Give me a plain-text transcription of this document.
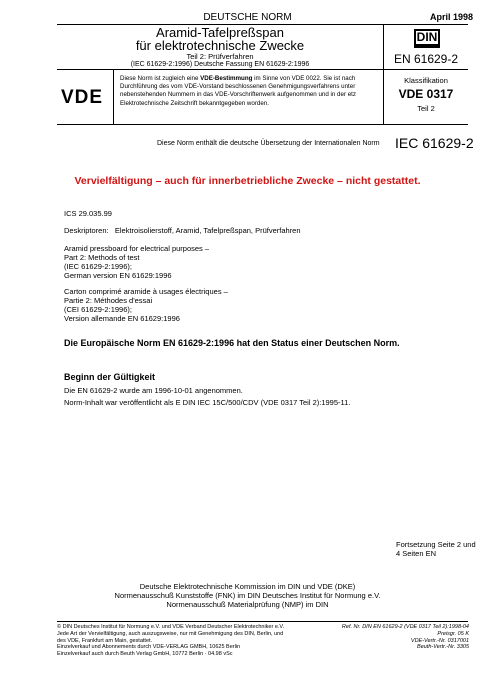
DEUTSCHE NORM	April 1998
Aramid-Tafelpreßspan
für elektrotechnische Zwecke
Teil 2: Prüfverfahren
(IEC 61629-2:1996) Deutsche Fassung EN 61629-2:1996
DIN
EN 61629-2
VDE
Diese Norm ist zugleich eine VDE-Bestimmung im Sinne von VDE 0022. Sie ist nach Durchführung des vom VDE-Vorstand beschlossenen Genehmigungsverfahrens unter nebenstehenden Nummern in das VDE-Vorschriftenwerk aufgenommen und in der etz Elektrotechnische Zeitschrift bekanntgegeben worden.
Klassifikation
VDE 0317
Teil 2
Diese Norm enthält die deutsche Übersetzung der Internationalen Norm IEC 61629-2
Vervielfältigung – auch für innerbetriebliche Zwecke – nicht gestattet.
ICS 29.035.99
Deskriptoren: Elektroisolierstoff, Aramid, Tafelpreßspan, Prüfverfahren
Aramid pressboard for electrical purposes –
Part 2: Methods of test
(IEC 61629-2:1996);
German version EN 61629:1996
Carton comprimé aramide à usages électriques –
Partie 2: Méthodes d'essai
(CEI 61629-2:1996);
Version allemande EN 61629:1996
Die Europäische Norm EN 61629-2:1996 hat den Status einer Deutschen Norm.
Beginn der Gültigkeit
Die EN 61629-2 wurde am 1996-10-01 angenommen.
Norm-Inhalt war veröffentlicht als E DIN IEC 15C/500/CDV (VDE 0317 Teil 2):1995-11.
Fortsetzung Seite 2 und
4 Seiten EN
Deutsche Elektrotechnische Kommission im DIN und VDE (DKE)
Normenausschuß Kunststoffe (FNK) im DIN Deutsches Institut für Normung e.V.
Normenausschuß Materialprüfung (NMP) im DIN
© DIN Deutsches Institut für Normung e.V. und VDE Verband Deutscher Elektrotechniker e.V.
Jede Art der Vervielfältigung, auch auszugsweise, nur mit Genehmigung des DIN, Berlin, und
des VDE, Frankfurt am Main, gestattet.
Einzelverkauf und Abonnements durch VDE-VERLAG GMBH, 10625 Berlin
Einzelverkauf auch durch Beuth Verlag GmbH, 10772 Berlin · 04.98 vSc
Ref. Nr. DIN EN 61629-2 (VDE 0317 Teil 2):1998-04
Preisgr. 05 K
VDE-Vertr.-Nr. 0317001
Beuth-Vertr.-Nr. 3305
